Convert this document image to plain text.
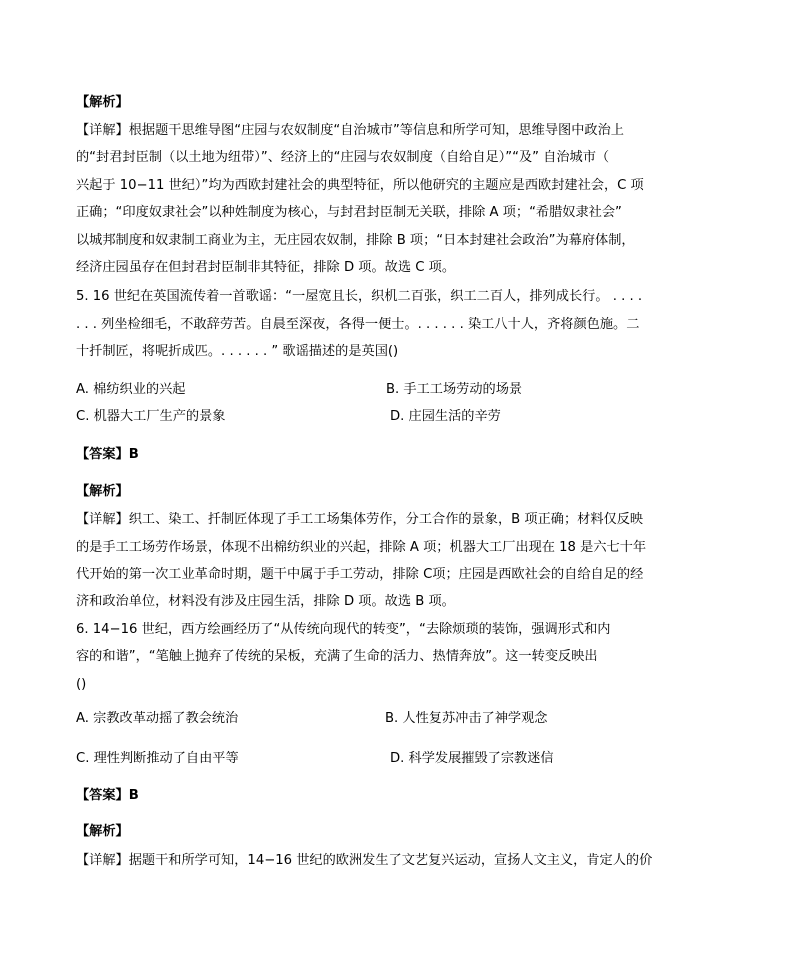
【解析】
【详解】根据题干思维导图“庄园与农奴制度“自治城市”等信息和所学可知，思维导图中政治上
的“封君封臣制（以土地为纽带）”、经济上的“庄园与农奴制度（自给自足）”“及” 自治城市（
兴起于 10−11 世纪）”均为西欧封建社会的典型特征，所以他研究的主题应是西欧封建社会，C 项
正确；“印度奴隶社会”以种姓制度为核心，与封君封臣制无关联，排除 A 项；“希腊奴隶社会”
以城邦制度和奴隶制工商业为主，无庄园农奴制，排除 B 项；“日本封建社会政治”为幕府体制，
经济庄园虽存在但封君封臣制非其特征，排除 D 项。故选 C 项。
5. 16 世纪在英国流传着一首歌谣：“一屋宽且长，织机二百张，织工二百人，排列成长行。 . . . .
. . . 列坐检细毛，不敢辞劳苦。自晨至深夜，各得一便士。. . . . . . 染工八十人，齐将颜色施。二
十扦制匠，将呢折成匹。. . . . . . ” 歌谣描述的是英国()
A. 棉纺织业的兴起	B. 手工工场劳动的场景
C. 机器大工厂生产的景象	D. 庄园生活的辛劳
【答案】B
【解析】
【详解】织工、染工、扦制匠体现了手工工场集体劳作，分工合作的景象，B 项正确；材料仅反映
的是手工工场劳作场景，体现不出棉纺织业的兴起，排除 A 项；机器大工厂出现在 18 是六七十年
代开始的第一次工业革命时期，题干中属于手工劳动，排除 C项；庄园是西欧社会的自给自足的经
济和政治单位，材料没有涉及庄园生活，排除 D 项。故选 B 项。
6. 14−16 世纪，西方绘画经历了“从传统向现代的转变”，“去除烦琐的装饰，强调形式和内
容的和谐”，“笔触上抛弃了传统的呆板，充满了生命的活力、热情奔放”。这一转变反映出
()
A. 宗教改革动摇了教会统治	B. 人性复苏冲击了神学观念
C. 理性判断推动了自由平等	D. 科学发展摧毁了宗教迷信
【答案】B
【解析】
【详解】据题干和所学可知，14−16 世纪的欧洲发生了文艺复兴运动，宣扬人文主义，肯定人的价
